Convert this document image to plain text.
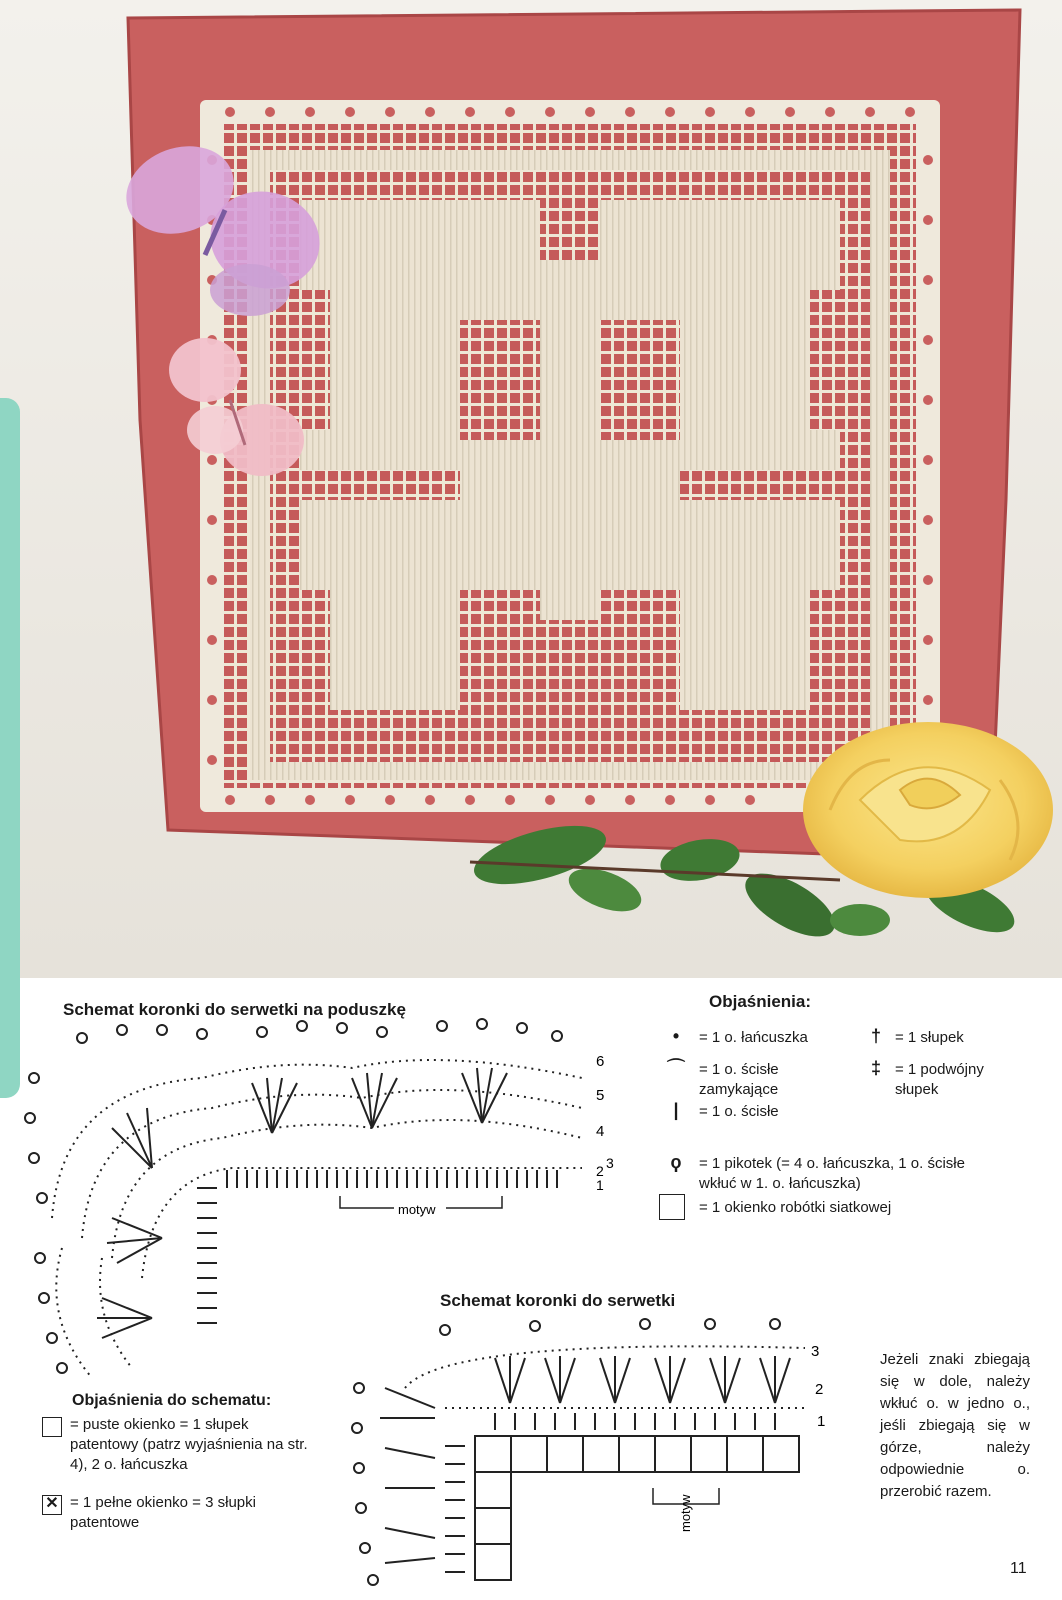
Schemat koronki do serwetki na poduszkę
6
5
4
3
2
1
motyw
Objaśnienia:
•	= 1 o. łańcuszka
⌒ = 1 o. ścisłe zamykające
|	= 1 o. ścisłe
† = 1 słupek
‡ = 1 podwójny słupek
ϙ	= 1 pikotek (= 4 o. łańcuszka, 1 o. ścisłe wkłuć w 1. o. łańcuszka)
= 1 okienko robótki siatkowej
Schemat koronki do serwetki
3
2
1
motyw
Objaśnienia do schematu:
= puste okienko = 1 słupek patentowy (patrz wyjaśnienia na str. 4), 2 o. łańcuszka
✕ = 1 pełne okienko = 3 słupki patentowe
Jeżeli znaki zbiegają się w dole, należy wkłuć o. w jedno o., jeśli zbiegają się w górze, należy odpowiednie o. przerobić razem.
11
